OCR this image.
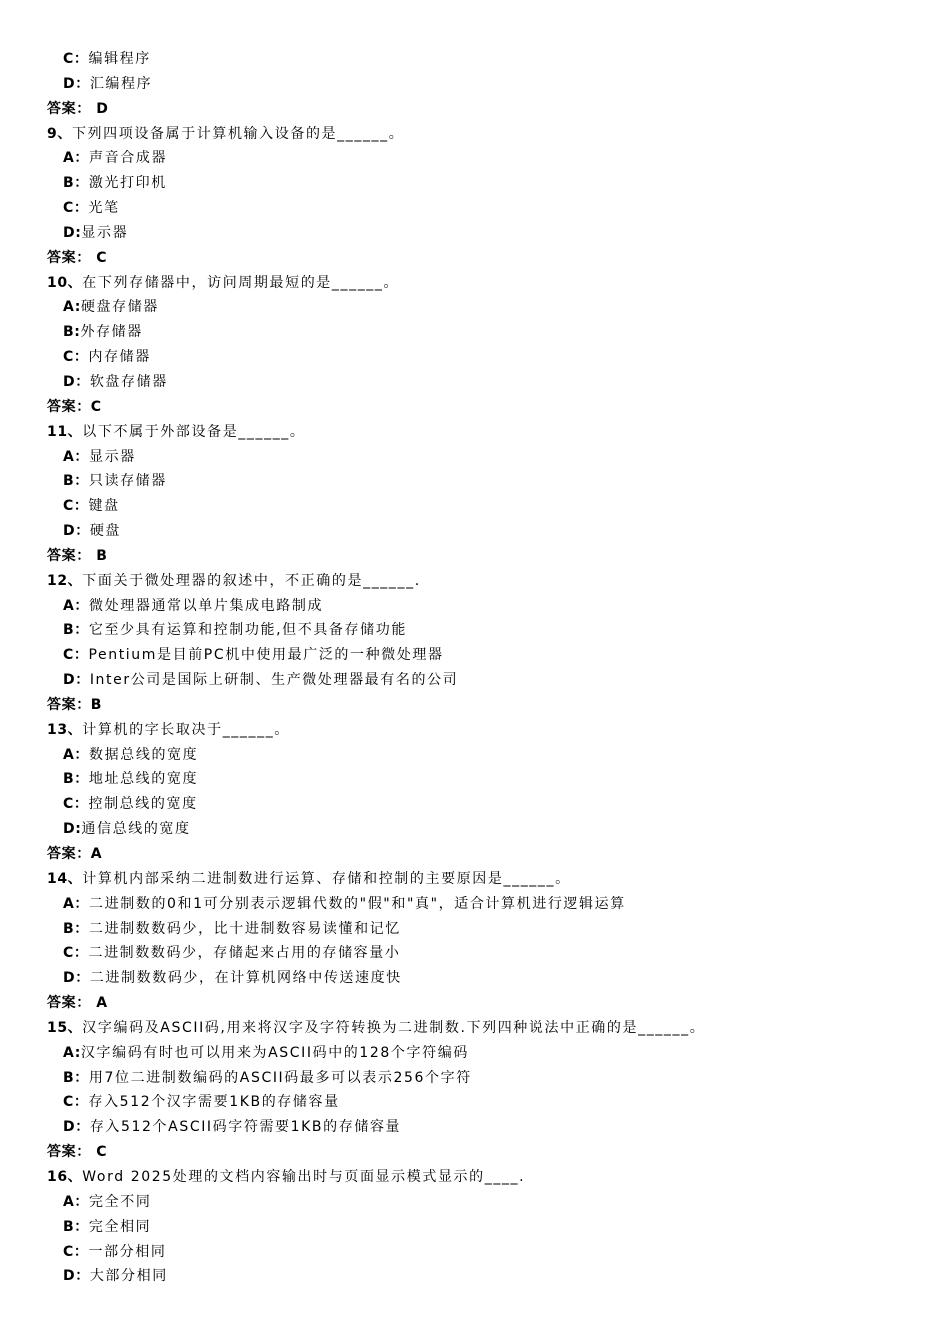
C：编辑程序
D：汇编程序
答案： D
9、下列四项设备属于计算机输入设备的是______。
A：声音合成器
B：激光打印机
C：光笔
D:显示器
答案： C
10、在下列存储器中，访问周期最短的是______。
A:硬盘存储器
B:外存储器
C：内存储器
D：软盘存储器
答案：C
11、以下不属于外部设备是______。
A：显示器
B：只读存储器
C：键盘
D：硬盘
答案： B
12、下面关于微处理器的叙述中，不正确的是______.
A：微处理器通常以单片集成电路制成
B：它至少具有运算和控制功能,但不具备存储功能
C：Pentium是目前PC机中使用最广泛的一种微处理器
D：Inter公司是国际上研制、生产微处理器最有名的公司
答案：B
13、计算机的字长取决于______。
A：数据总线的宽度
B：地址总线的宽度
C：控制总线的宽度
D:通信总线的宽度
答案：A
14、计算机内部采纳二进制数进行运算、存储和控制的主要原因是______。
A：二进制数的0和1可分别表示逻辑代数的"假"和"真"，适合计算机进行逻辑运算
B：二进制数数码少，比十进制数容易读懂和记忆
C：二进制数数码少，存储起来占用的存储容量小
D：二进制数数码少，在计算机网络中传送速度快
答案： A
15、汉字编码及ASCII码,用来将汉字及字符转换为二进制数.下列四种说法中正确的是______。
A:汉字编码有时也可以用来为ASCII码中的128个字符编码
B：用7位二进制数编码的ASCII码最多可以表示256个字符
C：存入512个汉字需要1KB的存储容量
D：存入512个ASCII码字符需要1KB的存储容量
答案： C
16、Word 2025处理的文档内容输出时与页面显示模式显示的____.
A：完全不同
B：完全相同
C：一部分相同
D：大部分相同
